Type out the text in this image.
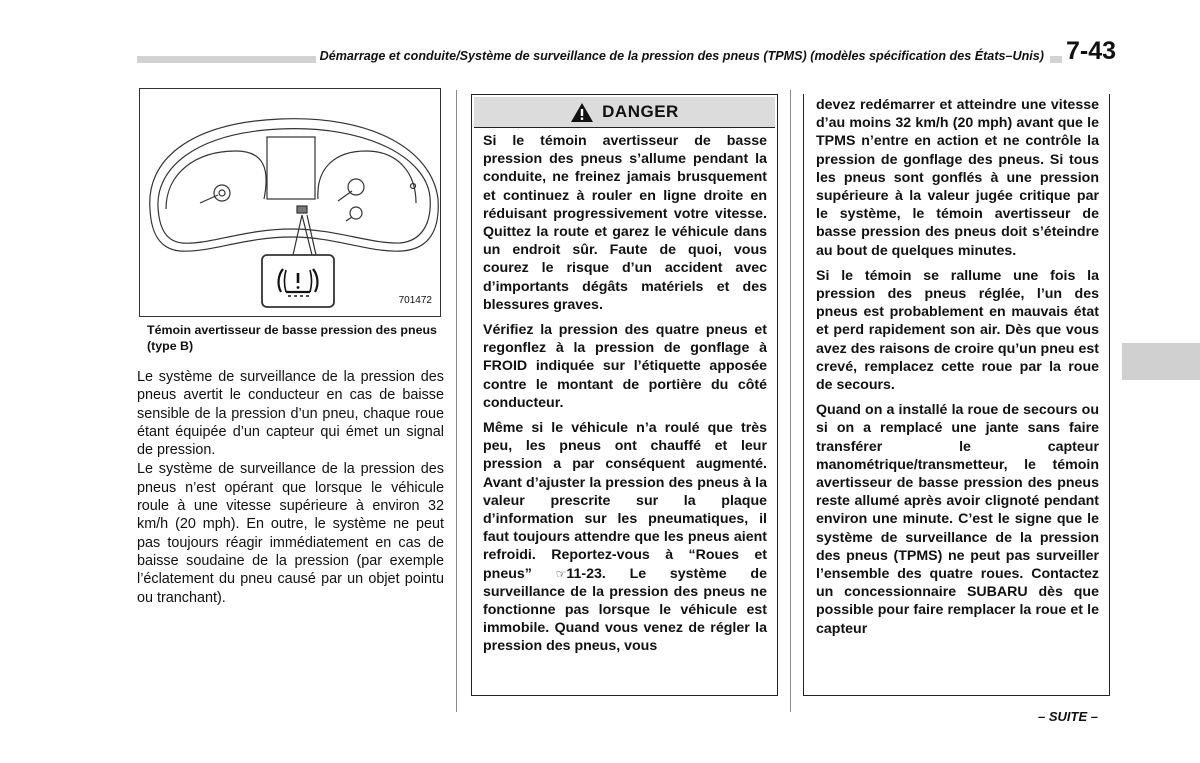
Démarrage et conduite/Système de surveillance de la pression des pneus (TPMS) (modèles spécification des États–Unis) 7-43
701472
Témoin avertisseur de basse pression des pneus (type B)

Le système de surveillance de la pression des pneus avertit le conducteur en cas de baisse sensible de la pression d’un pneu, chaque roue étant équipée d’un capteur qui émet un signal de pression.

Le système de surveillance de la pression des pneus n’est opérant que lorsque le véhicule roule à une vitesse supérieure à environ 32 km/h (20 mph). En outre, le système ne peut pas toujours réagir immédiatement en cas de baisse soudaine de la pression (par exemple l’éclatement du pneu causé par un objet pointu ou tranchant).

DANGER

Si le témoin avertisseur de basse pression des pneus s’allume pendant la conduite, ne freinez jamais brusquement et continuez à rouler en ligne droite en réduisant progressivement votre vitesse. Quittez la route et garez le véhicule dans un endroit sûr. Faute de quoi, vous courez le risque d’un accident avec d’importants dégâts matériels et des blessures graves.

Vérifiez la pression des quatre pneus et regonflez à la pression de gonflage à FROID indiquée sur l’étiquette apposée contre le montant de portière du côté conducteur.

Même si le véhicule n’a roulé que très peu, les pneus ont chauffé et leur pression a par conséquent augmenté. Avant d’ajuster la pression des pneus à la valeur prescrite sur la plaque d’information sur les pneumatiques, il faut toujours attendre que les pneus aient refroidi. Reportez-vous à “Roues et pneus” ☞11-23. Le système de surveillance de la pression des pneus ne fonctionne pas lorsque le véhicule est immobile. Quand vous venez de régler la pression des pneus, vous

devez redémarrer et atteindre une vitesse d’au moins 32 km/h (20 mph) avant que le TPMS n’entre en action et ne contrôle la pression de gonflage des pneus. Si tous les pneus sont gonflés à une pression supérieure à la valeur jugée critique par le système, le témoin avertisseur de basse pression des pneus doit s’éteindre au bout de quelques minutes.

Si le témoin se rallume une fois la pression des pneus réglée, l’un des pneus est probablement en mauvais état et perd rapidement son air. Dès que vous avez des raisons de croire qu’un pneu est crevé, remplacez cette roue par la roue de secours.

Quand on a installé la roue de secours ou si on a remplacé une jante sans faire transférer le capteur manométrique/transmetteur, le témoin avertisseur de basse pression des pneus reste allumé après avoir clignoté pendant environ une minute. C’est le signe que le système de surveillance de la pression des pneus (TPMS) ne peut pas surveiller l’ensemble des quatre roues. Contactez un concessionnaire SUBARU dès que possible pour faire remplacer la roue et le capteur

– SUITE –
